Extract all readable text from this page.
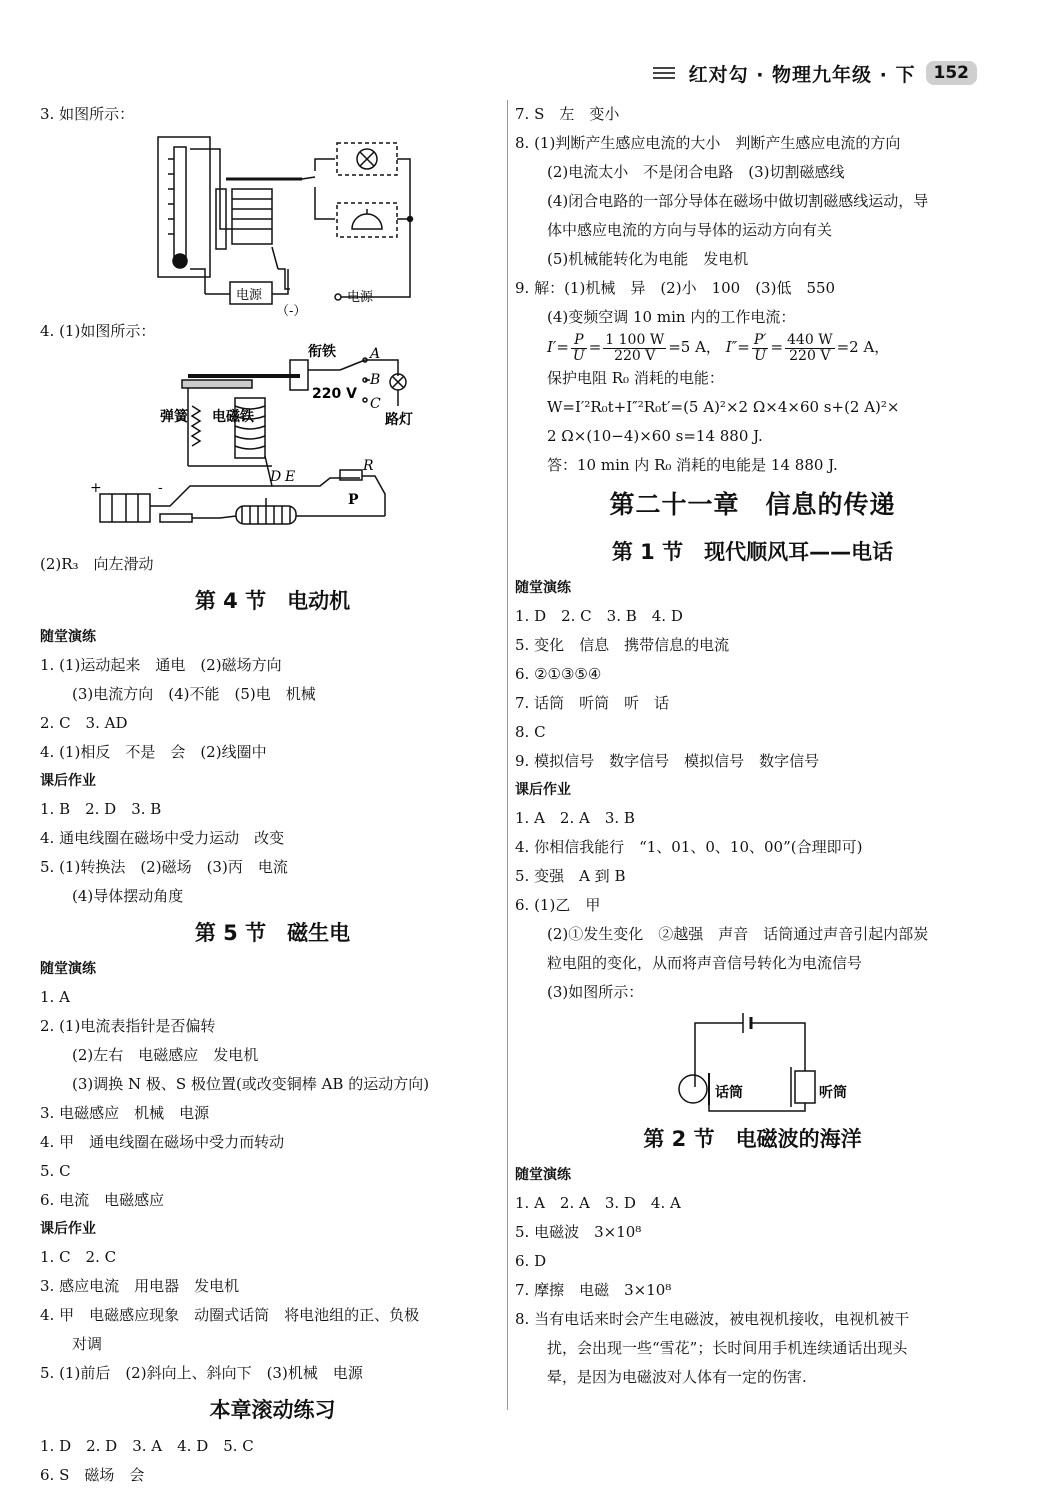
红对勾 · 物理九年级 · 下	152
3. 如图所示：
电源	电源
（-）
4. (1)如图所示：
衔铁
弹簧 电磁铁
220 V
A
B
C
路灯
D E
R
P
+	-
(2)R₃　向左滑动
第 4 节　电动机
随堂演练
1. (1)运动起来　通电　(2)磁场方向
(3)电流方向　(4)不能　(5)电　机械
2. C　3. AD
4. (1)相反　不是　会　(2)线圈中
课后作业
1. B　2. D　3. B
4. 通电线圈在磁场中受力运动　改变
5. (1)转换法　(2)磁场　(3)丙　电流
(4)导体摆动角度
第 5 节　磁生电
随堂演练
1. A
2. (1)电流表指针是否偏转
(2)左右　电磁感应　发电机
(3)调换 N 极、S 极位置(或改变铜棒 AB 的运动方向)
3. 电磁感应　机械　电源
4. 甲　通电线圈在磁场中受力而转动
5. C
6. 电流　电磁感应
课后作业
1. C　2. C
3. 感应电流　用电器　发电机
4. 甲　电磁感应现象　动圈式话筒　将电池组的正、负极
对调
5. (1)前后　(2)斜向上、斜向下　(3)机械　电源
本章滚动练习
1. D　2. D　3. A　4. D　5. C
6. S　磁场　会
7. S　左　变小
8. (1)判断产生感应电流的大小　判断产生感应电流的方向
(2)电流太小　不是闭合电路　(3)切割磁感线
(4)闭合电路的一部分导体在磁场中做切割磁感线运动，导
体中感应电流的方向与导体的运动方向有关
(5)机械能转化为电能　发电机
9. 解：(1)机械　异　(2)小　100　(3)低　550
(4)变频空调 10 min 内的工作电流：
$I'= \frac{P}{U} = \frac{1 100 W}{220 V} =5$ A， $I''= \frac{P'}{U} = \frac{440 W}{220 V} =2$ A，
保护电阻 R₀ 消耗的电能：
W=I′²R₀t+I″²R₀t′=(5 A)²×2 Ω×4×60 s+(2 A)²×
2 Ω×(10−4)×60 s=14 880 J.
答：10 min 内 R₀ 消耗的电能是 14 880 J.
第二十一章　信息的传递
第 1 节　现代顺风耳——电话
随堂演练
1. D　2. C　3. B　4. D
5. 变化　信息　携带信息的电流
6. ②①③⑤④
7. 话筒　听筒　听　话
8. C
9. 模拟信号　数字信号　模拟信号　数字信号
课后作业
1. A　2. A　3. B
4. 你相信我能行　“1、01、0、10、00”(合理即可)
5. 变强　A 到 B
6. (1)乙　甲
(2)①发生变化　②越强　声音　话筒通过声音引起内部炭
粒电阻的变化，从而将声音信号转化为电流信号
(3)如图所示：
话筒	听筒
第 2 节　电磁波的海洋
随堂演练
1. A　2. A　3. D　4. A
5. 电磁波　3×10⁸
6. D
7. 摩擦　电磁　3×10⁸
8. 当有电话来时会产生电磁波，被电视机接收，电视机被干
扰，会出现一些“雪花”；长时间用手机连续通话出现头
晕，是因为电磁波对人体有一定的伤害.
